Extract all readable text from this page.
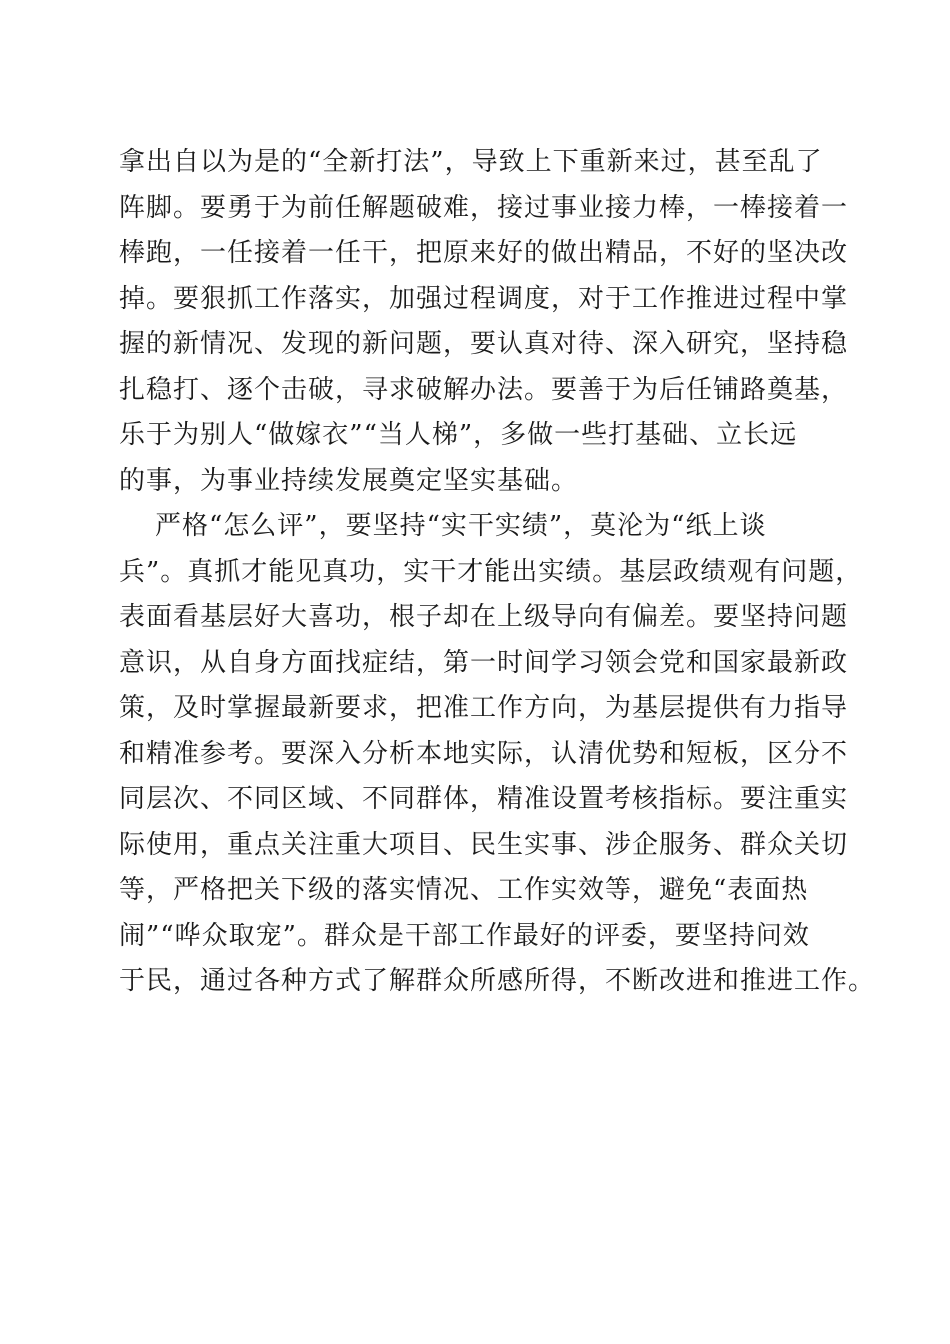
拿出自以为是的“全新打法”，导致上下重新来过，甚至乱了
阵脚。要勇于为前任解题破难，接过事业接力棒，一棒接着一
棒跑，一任接着一任干，把原来好的做出精品，不好的坚决改
掉。要狠抓工作落实，加强过程调度，对于工作推进过程中掌
握的新情况、发现的新问题，要认真对待、深入研究，坚持稳
扎稳打、逐个击破，寻求破解办法。要善于为后任铺路奠基，
乐于为别人“做嫁衣”“当人梯”，多做一些打基础、立长远
的事，为事业持续发展奠定坚实基础。
严格“怎么评”，要坚持“实干实绩”，莫沦为“纸上谈
兵”。真抓才能见真功，实干才能出实绩。基层政绩观有问题，
表面看基层好大喜功，根子却在上级导向有偏差。要坚持问题
意识，从自身方面找症结，第一时间学习领会党和国家最新政
策，及时掌握最新要求，把准工作方向，为基层提供有力指导
和精准参考。要深入分析本地实际，认清优势和短板，区分不
同层次、不同区域、不同群体，精准设置考核指标。要注重实
际使用，重点关注重大项目、民生实事、涉企服务、群众关切
等，严格把关下级的落实情况、工作实效等，避免“表面热
闹”“哗众取宠”。群众是干部工作最好的评委，要坚持问效
于民，通过各种方式了解群众所感所得，不断改进和推进工作。
